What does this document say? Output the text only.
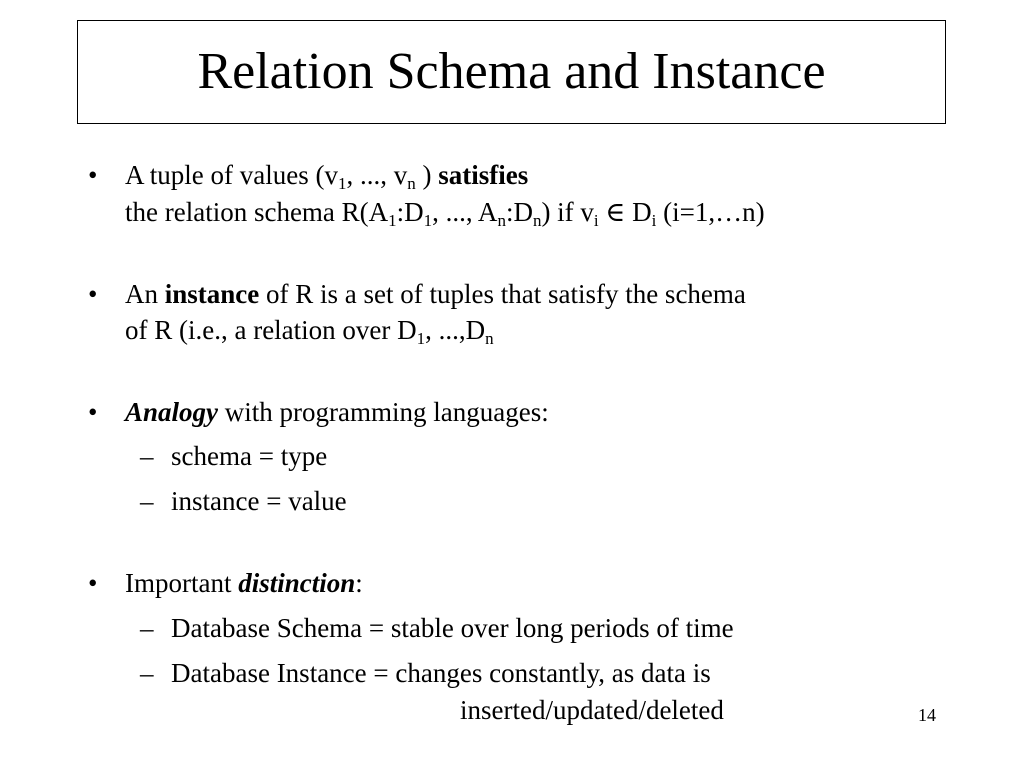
Relation Schema and Instance
• A tuple of values ($v_1$, ..., $v_n$ ) satisfies
the relation schema $R(A_1:D_1$, ..., $A_n:D_n$) if $v_i$ ∈ $D_i$ (i=1,…n)
• An instance of R is a set of tuples that satisfy the schema
of R (i.e., a relation over $D_1$, $...,D_n$
• Analogy with programming languages:
– schema = type
– instance = value
• Important distinction:
– Database Schema = stable over long periods of time
– Database Instance = changes constantly, as data is
inserted/updated/deleted	14
